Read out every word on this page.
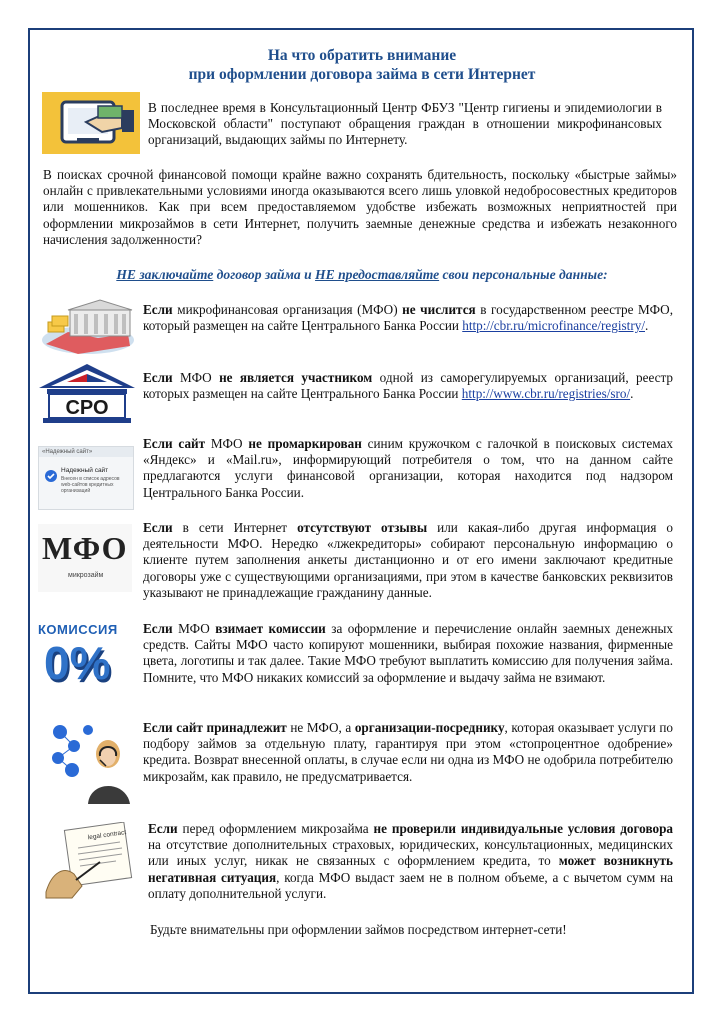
На что обратить внимание
при оформлении договора займа в сети Интернет

В последнее время в Консультационный Центр ФБУЗ "Центр гигиены и эпидемиологии в Московской области" поступают обращения граждан в отношении микрофинансовых организаций, выдающих займы по Интернету.

В поисках срочной финансовой помощи крайне важно сохранять бдительность, поскольку «быстрые займы» онлайн с привлекательными условиями иногда оказываются всего лишь уловкой недобросовестных кредиторов или мошенников. Как при всем предоставляемом удобстве избежать возможных неприятностей при оформлении микрозаймов в сети Интернет, получить заемные денежные средства и избежать незаконного начисления задолженности?

НЕ заключайте договор займа и НЕ предоставляйте свои персональные данные:

Если микрофинансовая организация (МФО) не числится в государственном реестре МФО, который размещен на сайте Центрального Банка России http://cbr.ru/microfinance/registry/.

СРО

Если МФО не является участником одной из саморегулируемых организаций, реестр которых размещен на сайте Центрального Банка России http://www.cbr.ru/registries/sro/.

«Надежный сайт»
Надежный сайт
Внесен в список адресов web-сайтов кредитных организаций

Если сайт МФО не промаркирован синим кружочком с галочкой в поисковых системах «Яндекс» и «Mail.ru», информирующий потребителя о том, что на данном сайте предлагаются услуги финансовой организации, которая находится под надзором Центрального Банка России.

МФО
микрозайм

Если в сети Интернет отсутствуют отзывы или какая-либо другая информация о деятельности МФО. Нередко «лжекредиторы» собирают персональную информацию о клиенте путем заполнения анкеты дистанционно и от его имени заключают кредитные договоры уже с существующими организациями, при этом в качестве банковских реквизитов указывают не принадлежащие гражданину данные.

КОМИССИЯ
0%

Если МФО взимает комиссии за оформление и перечисление онлайн заемных денежных средств. Сайты МФО часто копируют мошенники, выбирая похожие названия, фирменные цвета, логотипы и так далее. Такие МФО требуют выплатить комиссию для получения займа. Помните, что МФО никаких комиссий за оформление и выдачу займа не взимают.

Если сайт принадлежит не МФО, а организации-посреднику, которая оказывает услуги по подбору займов за отдельную плату, гарантируя при этом «стопроцентное одобрение» кредита. Возврат внесенной оплаты, в случае если ни одна из МФО не одобрила потребителю микрозайм, как правило, не предусматривается.

legal contract Если перед оформлением микрозайма не проверили индивидуальные условия договора на отсутствие дополнительных страховых, юридических, консультационных, медицинских или иных услуг, никак не связанных с оформлением кредита, то может возникнуть негативная ситуация, когда МФО выдаст заем не в полном объеме, а с вычетом сумм на оплату дополнительной услуги.

Будьте внимательны при оформлении займов посредством интернет-сети!
